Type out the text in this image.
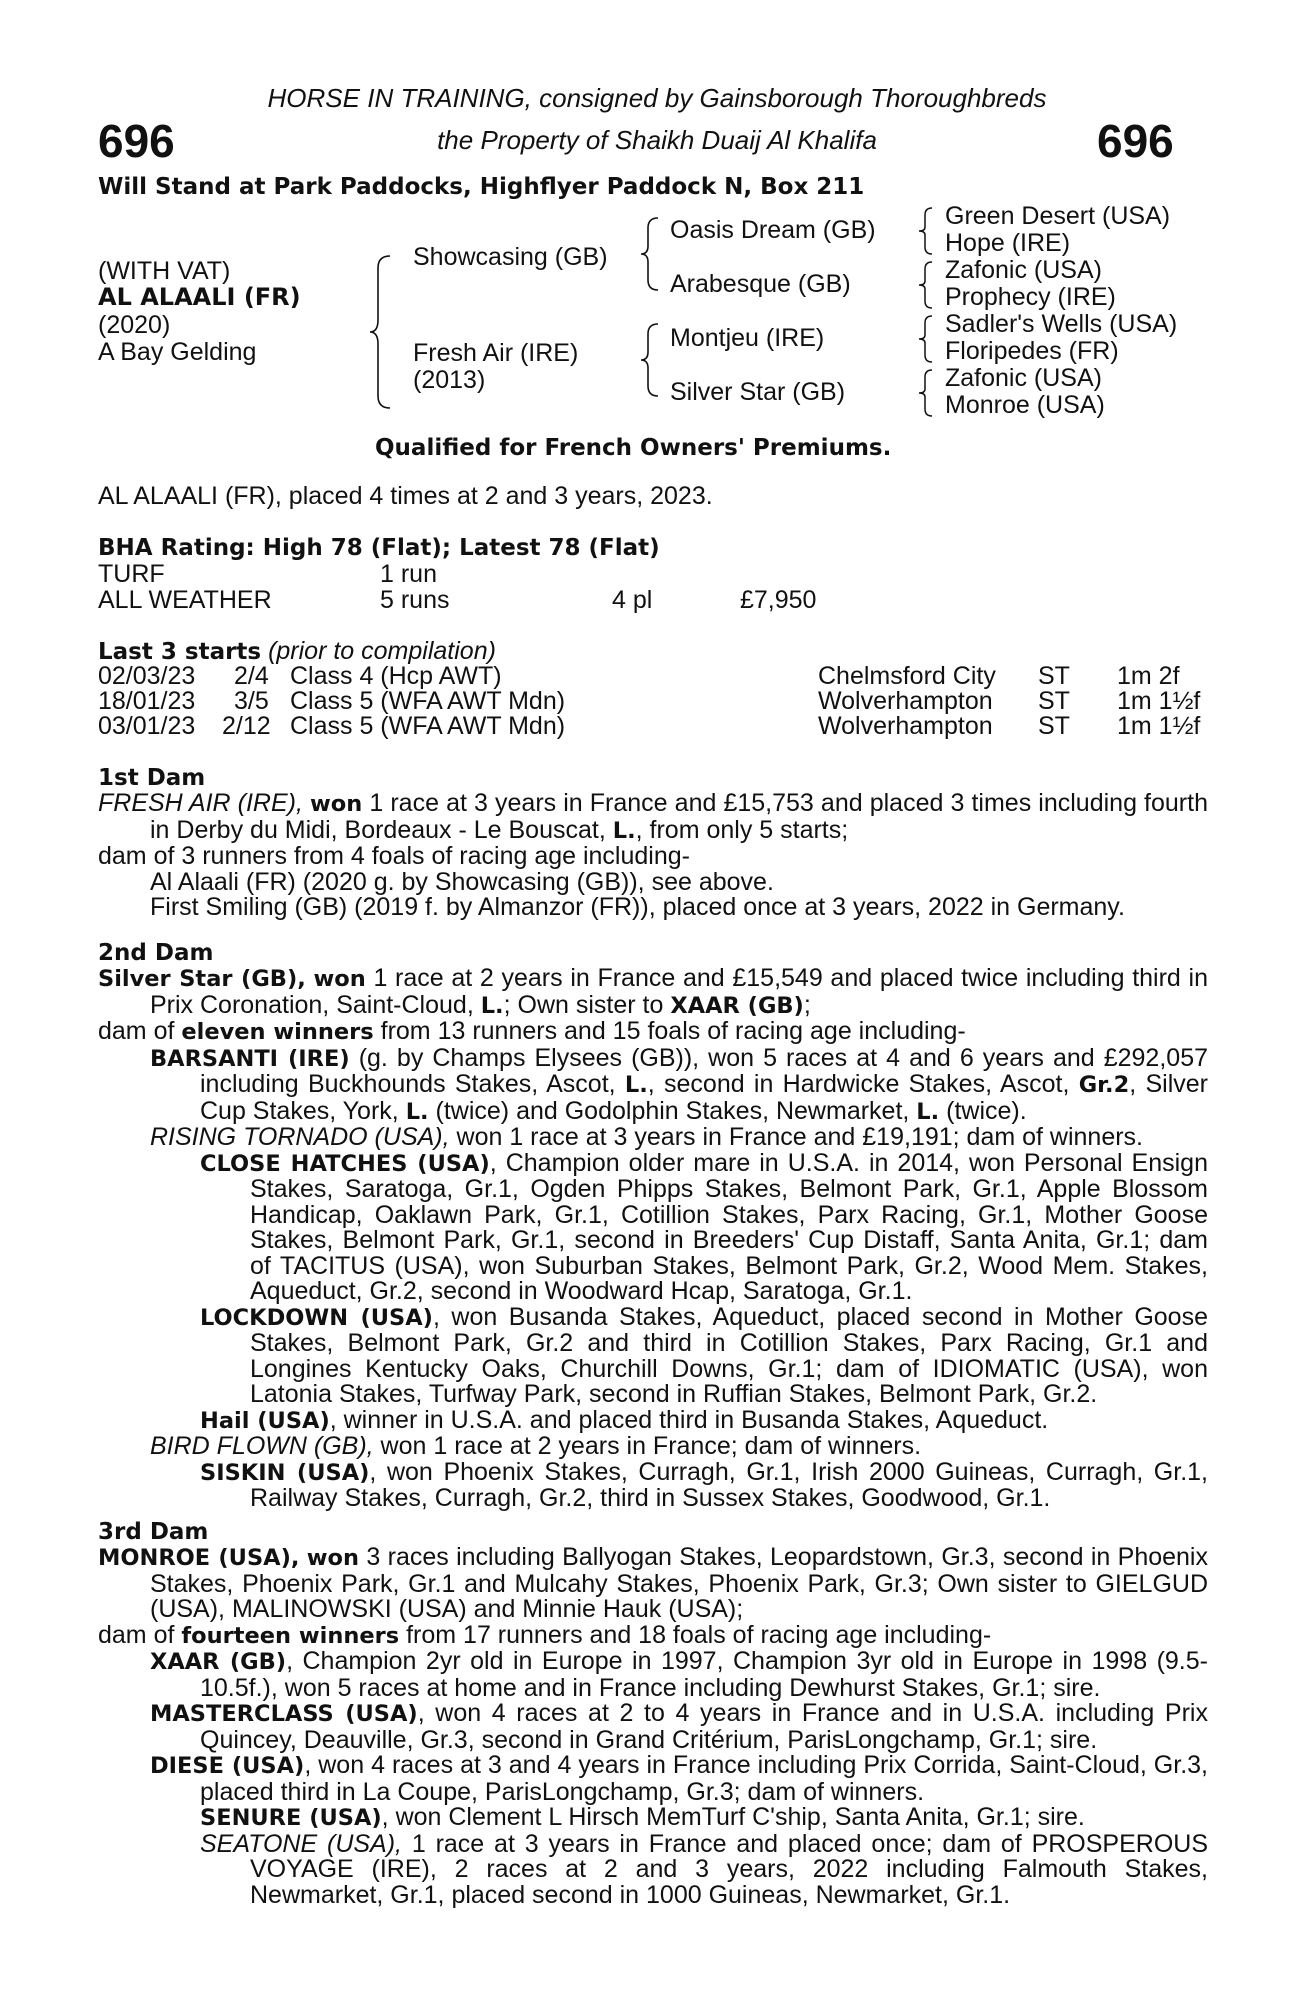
696	696
HORSE IN TRAINING, consigned by Gainsborough Thoroughbreds
the Property of Shaikh Duaij Al Khalifa
Will Stand at Park Paddocks, Highflyer Paddock N, Box 211
(WITH VAT)
AL ALAALI (FR)
(2020)
A Bay Gelding
Showcasing (GB)
Fresh Air (IRE)
(2013)
Oasis Dream (GB)
Arabesque (GB)
Montjeu (IRE)
Silver Star (GB)
Green Desert (USA)
Hope (IRE)
Zafonic (USA)
Prophecy (IRE)
Sadler's Wells (USA)
Floripedes (FR)
Zafonic (USA)
Monroe (USA)
Qualified for French Owners' Premiums.
AL ALAALI (FR), placed 4 times at 2 and 3 years, 2023.
BHA Rating: High 78 (Flat); Latest 78 (Flat)
TURF	1 run
ALL WEATHER	5 runs	4 pl	£7,950
Last 3 starts (prior to compilation)
02/03/23 2/4 Class 4 (Hcp AWT)	Chelmsford City ST 1m 2f
18/01/23 3/5 Class 5 (WFA AWT Mdn)	Wolverhampton ST 1m 1½f
03/01/23 2/12 Class 5 (WFA AWT Mdn)	Wolverhampton ST 1m 1½f
1st Dam

FRESH AIR (IRE), won 1 race at 3 years in France and £15,753 and placed 3 times including fourth in Derby du Midi, Bordeaux - Le Bouscat, L., from only 5 starts;

dam of 3 runners from 4 foals of racing age including-

Al Alaali (FR) (2020 g. by Showcasing (GB)), see above.

First Smiling (GB) (2019 f. by Almanzor (FR)), placed once at 3 years, 2022 in Germany.

2nd Dam

Silver Star (GB), won 1 race at 2 years in France and £15,549 and placed twice including third in Prix Coronation, Saint-Cloud, L.; Own sister to XAAR (GB);

dam of eleven winners from 13 runners and 15 foals of racing age including-

BARSANTI (IRE) (g. by Champs Elysees (GB)), won 5 races at 4 and 6 years and £292,057 including Buckhounds Stakes, Ascot, L., second in Hardwicke Stakes, Ascot, Gr.2, Silver Cup Stakes, York, L. (twice) and Godolphin Stakes, Newmarket, L. (twice).

RISING TORNADO (USA), won 1 race at 3 years in France and £19,191; dam of winners.

CLOSE HATCHES (USA), Champion older mare in U.S.A. in 2014, won Personal Ensign Stakes, Saratoga, Gr.1, Ogden Phipps Stakes, Belmont Park, Gr.1, Apple Blossom Handicap, Oaklawn Park, Gr.1, Cotillion Stakes, Parx Racing, Gr.1, Mother Goose Stakes, Belmont Park, Gr.1, second in Breeders' Cup Distaff, Santa Anita, Gr.1; dam of TACITUS (USA), won Suburban Stakes, Belmont Park, Gr.2, Wood Mem. Stakes, Aqueduct, Gr.2, second in Woodward Hcap, Saratoga, Gr.1.

LOCKDOWN (USA), won Busanda Stakes, Aqueduct, placed second in Mother Goose Stakes, Belmont Park, Gr.2 and third in Cotillion Stakes, Parx Racing, Gr.1 and Longines Kentucky Oaks, Churchill Downs, Gr.1; dam of IDIOMATIC (USA), won Latonia Stakes, Turfway Park, second in Ruffian Stakes, Belmont Park, Gr.2.

Hail (USA), winner in U.S.A. and placed third in Busanda Stakes, Aqueduct.

BIRD FLOWN (GB), won 1 race at 2 years in France; dam of winners.

SISKIN (USA), won Phoenix Stakes, Curragh, Gr.1, Irish 2000 Guineas, Curragh, Gr.1, Railway Stakes, Curragh, Gr.2, third in Sussex Stakes, Goodwood, Gr.1.

3rd Dam

MONROE (USA), won 3 races including Ballyogan Stakes, Leopardstown, Gr.3, second in Phoenix Stakes, Phoenix Park, Gr.1 and Mulcahy Stakes, Phoenix Park, Gr.3; Own sister to GIELGUD (USA), MALINOWSKI (USA) and Minnie Hauk (USA);

dam of fourteen winners from 17 runners and 18 foals of racing age including-

XAAR (GB), Champion 2yr old in Europe in 1997, Champion 3yr old in Europe in 1998 (9.5-10.5f.), won 5 races at home and in France including Dewhurst Stakes, Gr.1; sire.

MASTERCLASS (USA), won 4 races at 2 to 4 years in France and in U.S.A. including Prix Quincey, Deauville, Gr.3, second in Grand Critérium, ParisLongchamp, Gr.1; sire.

DIESE (USA), won 4 races at 3 and 4 years in France including Prix Corrida, Saint-Cloud, Gr.3, placed third in La Coupe, ParisLongchamp, Gr.3; dam of winners.

SENURE (USA), won Clement L Hirsch MemTurf C'ship, Santa Anita, Gr.1; sire.

SEATONE (USA), 1 race at 3 years in France and placed once; dam of PROSPEROUS VOYAGE (IRE), 2 races at 2 and 3 years, 2022 including Falmouth Stakes, Newmarket, Gr.1, placed second in 1000 Guineas, Newmarket, Gr.1.
